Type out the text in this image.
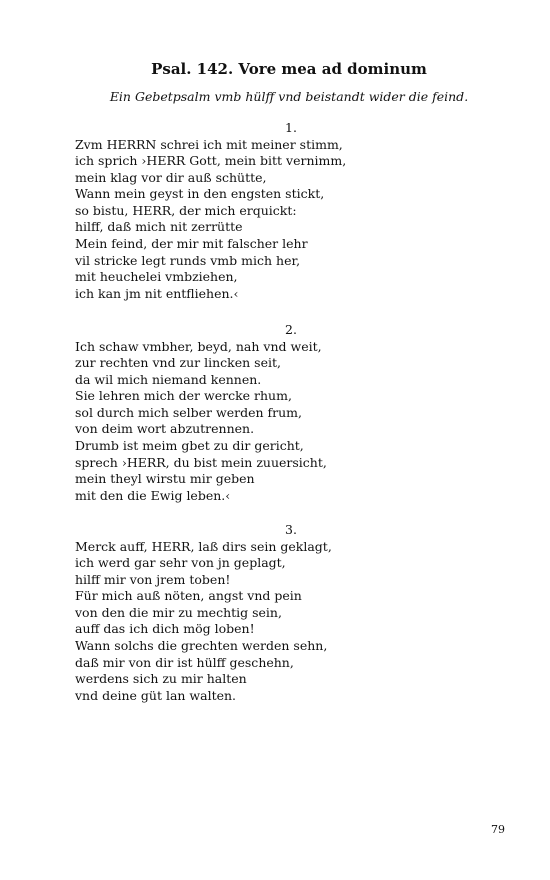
Psal. 142. Vore mea ad dominum
Ein Gebetpsalm vmb hülff vnd beistandt wider die feind.
1.
Zvm HERRN schrei ich mit meiner stimm,
ich sprich ›HERR Gott, mein bitt vernimm,
mein klag vor dir auß schütte,
Wann mein geyst in den engsten stickt,
so bistu, HERR, der mich erquickt:
hilff, daß mich nit zerrütte
Mein feind, der mir mit falscher lehr
vil stricke legt runds vmb mich her,
mit heuchelei vmbziehen,
ich kan jm nit entfliehen.‹
2.
Ich schaw vmbher, beyd, nah vnd weit,
zur rechten vnd zur lincken seit,
da wil mich niemand kennen.
Sie lehren mich der wercke rhum,
sol durch mich selber werden frum,
von deim wort abzutrennen.
Drumb ist meim gbet zu dir gericht,
sprech ›HERR, du bist mein zuuersicht,
mein theyl wirstu mir geben
mit den die Ewig leben.‹
3.
Merck auff, HERR, laß dirs sein geklagt,
ich werd gar sehr von jn geplagt,
hilff mir von jrem toben!
Für mich auß nöten, angst vnd pein
von den die mir zu mechtig sein,
auff das ich dich mög loben!
Wann solchs die grechten werden sehn,
daß mir von dir ist hülff geschehn,
werdens sich zu mir halten
vnd deine güt lan walten.
79
